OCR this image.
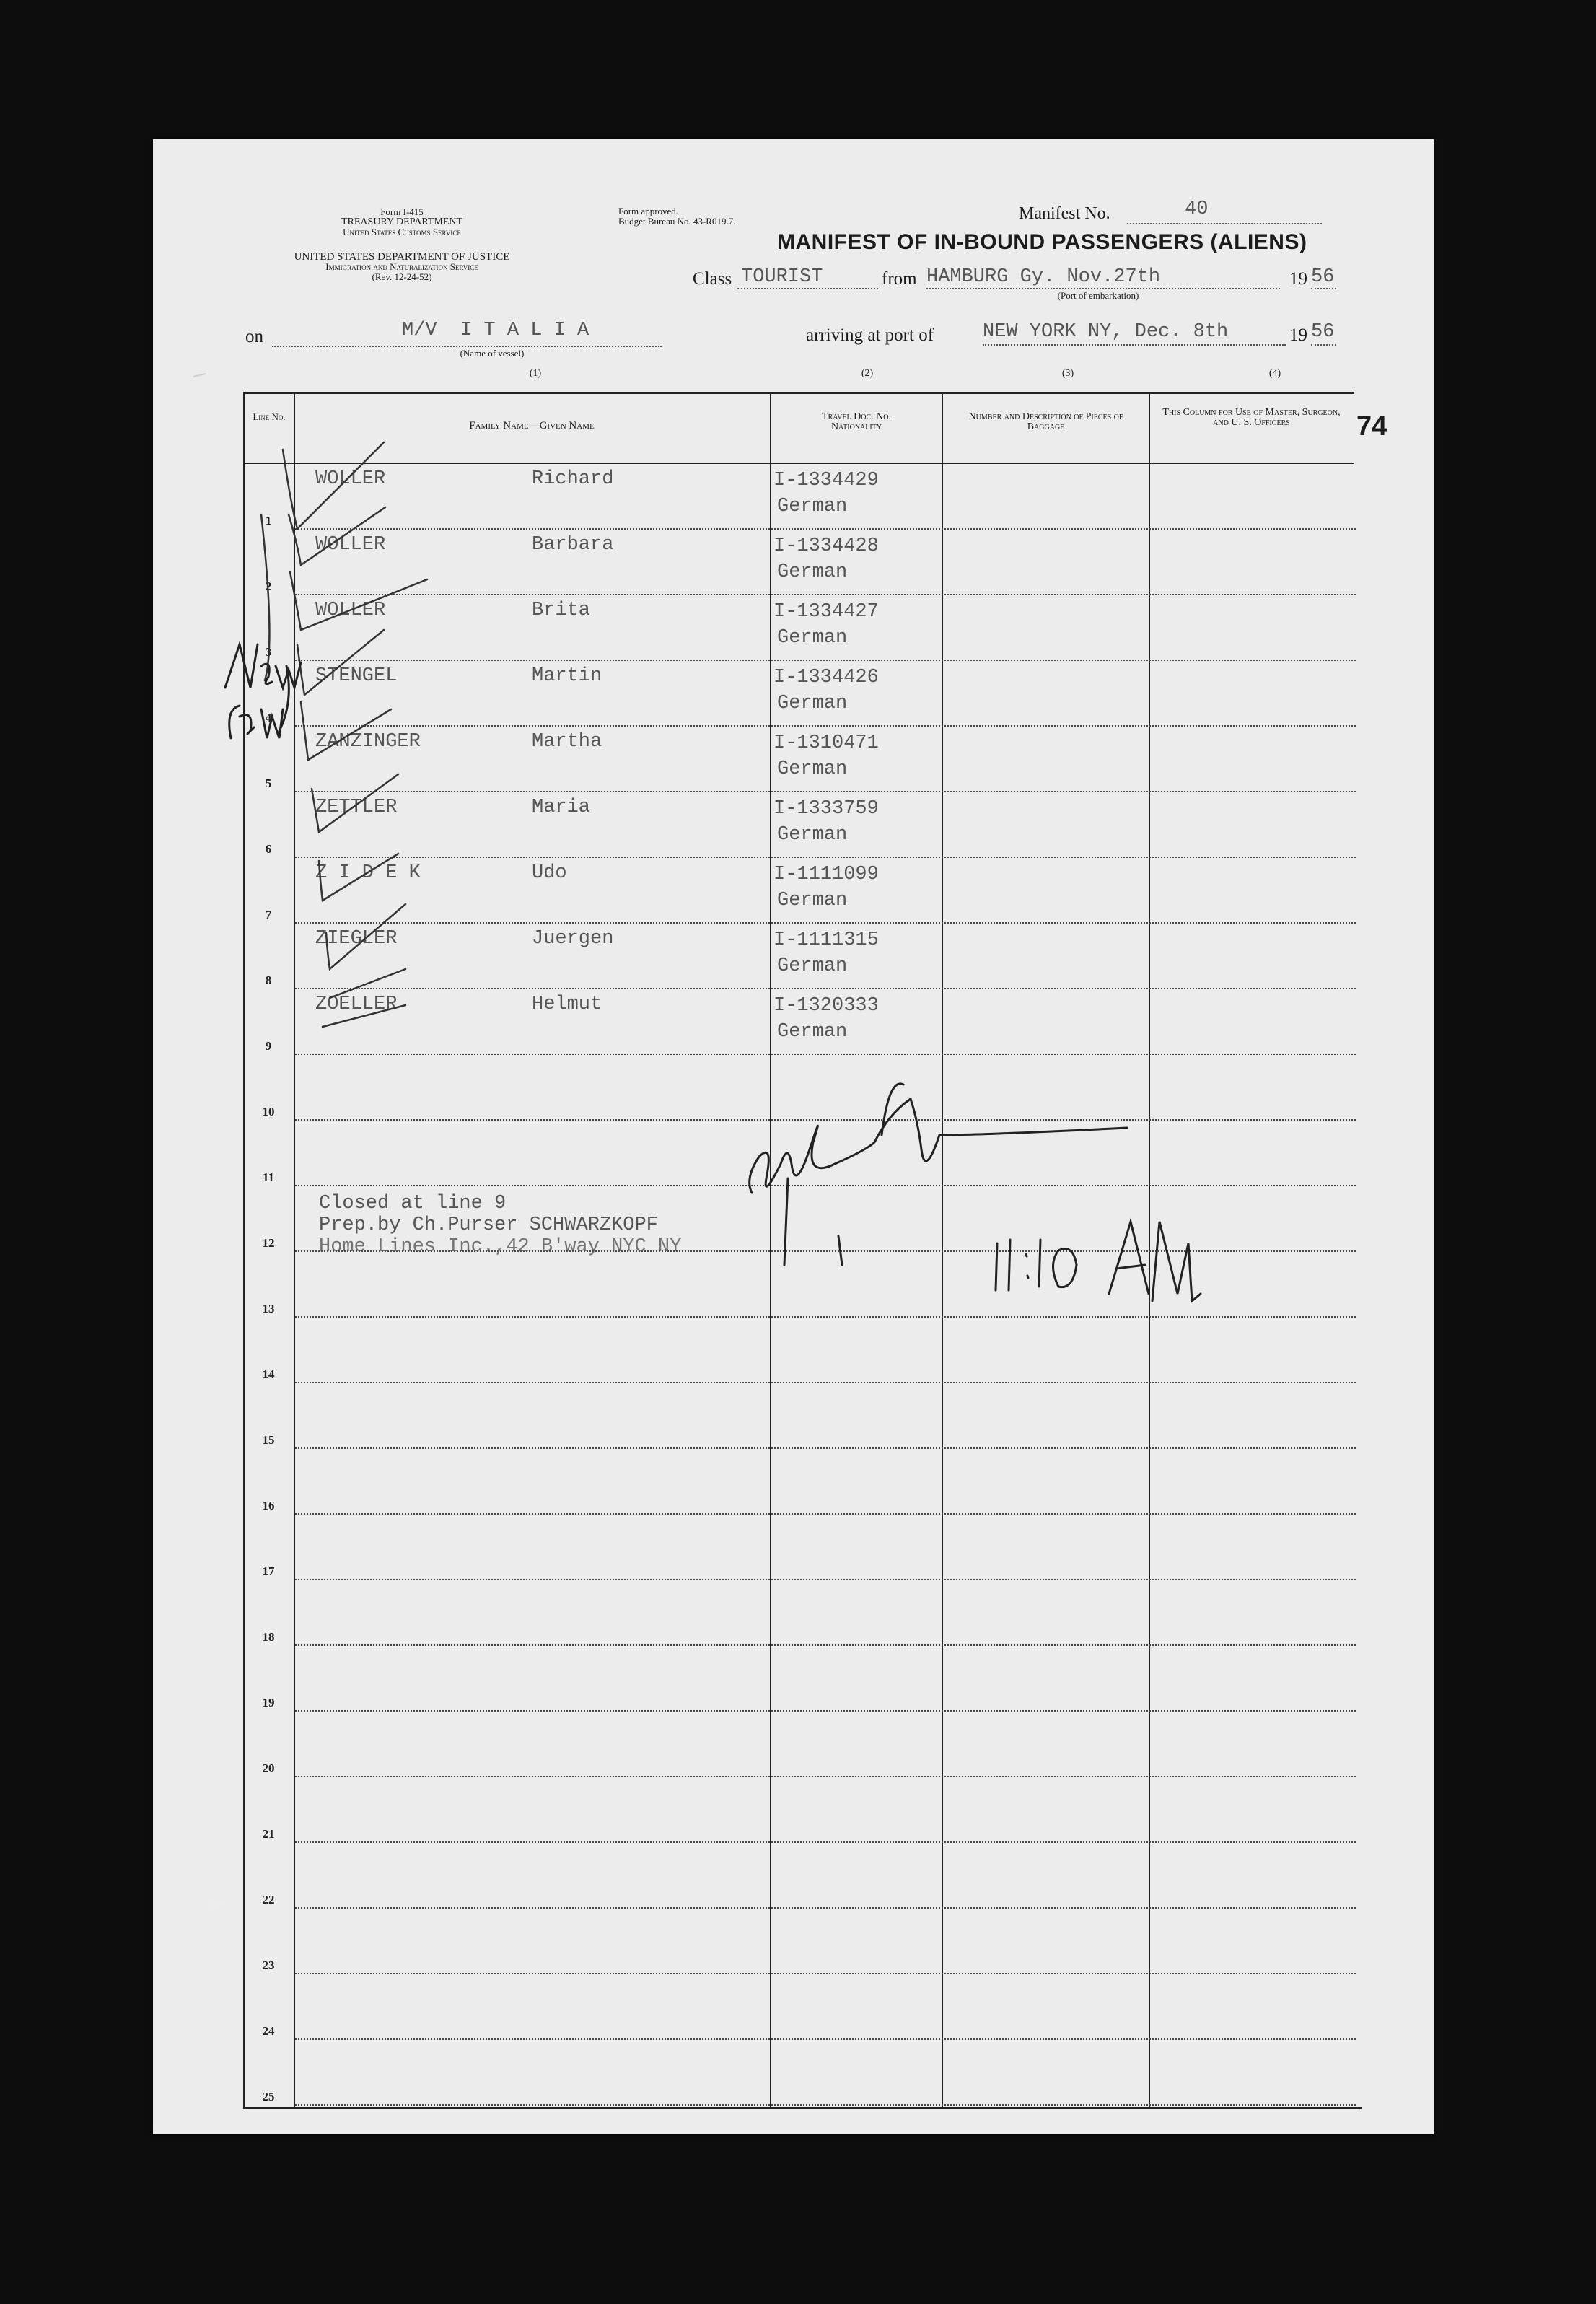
Form I-415
TREASURY DEPARTMENT
United States Customs Service
UNITED STATES DEPARTMENT OF JUSTICE
Immigration and Naturalization Service
(Rev. 12-24-52)
Form approved.
Budget Bureau No. 43-R019.7.	Manifest No.	40
MANIFEST OF IN-BOUND PASSENGERS (ALIENS)
Class TOURIST	from HAMBURG Gy. Nov.27th
(Port of embarkation)
19 56
on	M/V  I T A L I A
(Name of vessel)
arriving at port of	NEW YORK NY, Dec. 8th	19 56
(1)	(2)	(3)	(4)
74
Line No.
Family Name—Given Name
Travel Doc. No. Nationality
Number and Description of Pieces of Baggage
This Column for Use of Master, Surgeon, and U. S. Officers
1
WOLLER	Richard	I-1334429
German
2
WOLLER	Barbara	I-1334428
German
3
WOLLER	Brita	I-1334427
German
4
STENGEL	Martin	I-1334426
German
5
ZANZINGER	Martha	I-1310471
German
6
ZETTLER	Maria	I-1333759
German
7
Z I D E K	Udo	I-1111099
German
8
ZIEGLER	Juergen	I-1111315
German
9
ZOELLER	Helmut	I-1320333
German
10
11
12
13
14
15
16
17
18
19
20
21
22
23
24
25
Closed at line 9
Prep.by Ch.Purser SCHWARZKOPF
Home Lines Inc.,42 B'way NYC NY
